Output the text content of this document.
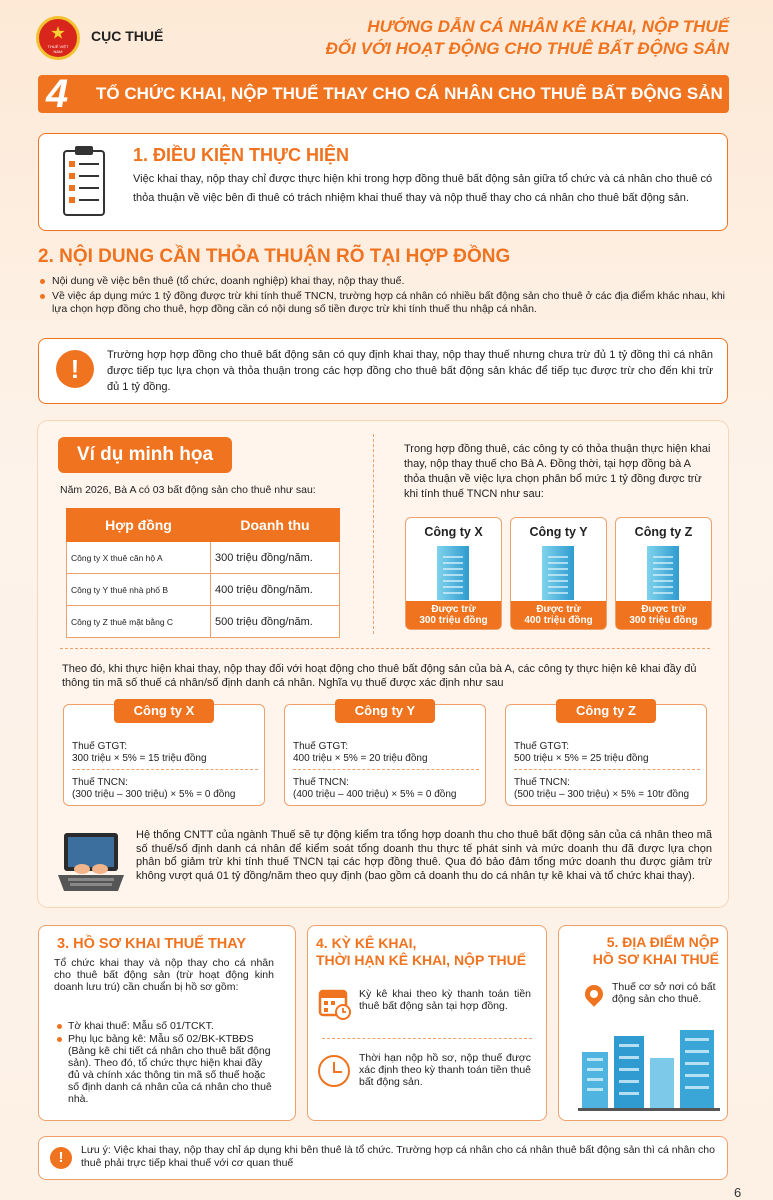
THUẾ VIỆT NAM
CỤC THUẾ	HƯỚNG DẪN CÁ NHÂN KÊ KHAI, NỘP THUẾ
ĐỐI VỚI HOẠT ĐỘNG CHO THUÊ BẤT ĐỘNG SẢN
4 TỔ CHỨC KHAI, NỘP THUẾ THAY CHO CÁ NHÂN CHO THUÊ BẤT ĐỘNG SẢN
1. ĐIỀU KIỆN THỰC HIỆN
Việc khai thay, nộp thay chỉ được thực hiện khi trong hợp đồng thuê bất động sản giữa tổ chức và cá nhân cho thuê có thỏa thuận về việc bên đi thuê có trách nhiệm khai thuế thay và nộp thuế thay cho cá nhân cho thuê bất động sản.
2. NỘI DUNG CẦN THỎA THUẬN RÕ TẠI HỢP ĐỒNG
Nội dung về việc bên thuê (tổ chức, doanh nghiệp) khai thay, nộp thay thuế.
Về việc áp dụng mức 1 tỷ đồng được trừ khi tính thuế TNCN, trường hợp cá nhân có nhiều bất động sản cho thuê ở các địa điểm khác nhau, khi lựa chọn hợp đồng cho thuê, hợp đồng cần có nội dung số tiền được trừ khi tính thuế thu nhập cá nhân.
!	Trường hợp hợp đồng cho thuê bất động sản có quy định khai thay, nộp thay thuế nhưng chưa trừ đủ 1 tỷ đồng thì cá nhân được tiếp tục lựa chọn và thỏa thuận trong các hợp đồng cho thuê bất động sản khác để tiếp tục được trừ cho đến khi trừ đủ 1 tỷ đồng.
Ví dụ minh họa
Năm 2026, Bà A có 03 bất động sản cho thuê như sau:
Trong hợp đồng thuê, các công ty có thỏa thuận thực hiện khai thay, nộp thay thuế cho Bà A. Đồng thời, tại hợp đồng bà A thỏa thuận về việc lựa chọn phân bổ mức 1 tỷ đồng được trừ khi tính thuế TNCN như sau:
Hợp đồng	Doanh thu
Công ty X thuê căn hộ A	300 triệu đồng/năm.
Công ty Y thuê nhà phố B	400 triệu đồng/năm.
Công ty Z thuê mặt bằng C	500 triệu đồng/năm.
Công ty X
Được trừ
300 triệu đồng
Công ty Y
Được trừ
400 triệu đồng
Công ty Z
Được trừ
300 triệu đồng
Theo đó, khi thực hiện khai thay, nộp thay đối với hoạt động cho thuê bất động sản của bà A, các công ty thực hiện kê khai đầy đủ thông tin mã số thuế cá nhân/số định danh cá nhân. Nghĩa vụ thuế được xác định như sau
Công ty X
Thuế GTGT:
300 triệu × 5% = 15 triệu đồng
Thuế TNCN:
(300 triệu – 300 triệu) × 5% = 0 đồng
Công ty Y
Thuế GTGT:
400 triệu × 5% = 20 triệu đồng
Thuế TNCN:
(400 triệu – 400 triệu) × 5% = 0 đồng
Công ty Z
Thuế GTGT:
500 triệu × 5% = 25 triệu đồng
Thuế TNCN:
(500 triệu – 300 triệu) × 5% = 10tr đồng
Hệ thống CNTT của ngành Thuế sẽ tự động kiểm tra tổng hợp doanh thu cho thuê bất động sản của cá nhân theo mã số thuế/số định danh cá nhân để kiểm soát tổng doanh thu thực tế phát sinh và mức doanh thu đã được lựa chọn phân bổ giảm trừ khi tính thuế TNCN tại các hợp đồng thuê. Qua đó bảo đảm tổng mức doanh thu được giảm trừ không vượt quá 01 tỷ đồng/năm theo quy định (bao gồm cả doanh thu do cá nhân tự kê khai và tổ chức khai thay).
3. HỒ SƠ KHAI THUẾ THAY
Tổ chức khai thay và nộp thay cho cá nhân cho thuê bất động sản (trừ hoạt động kinh doanh lưu trú) cần chuẩn bị hồ sơ gồm:
Tờ khai thuế: Mẫu số 01/TCKT.
Phụ lục bảng kê: Mẫu số 02/BK-KTBĐS (Bảng kê chi tiết cá nhân cho thuê bất động sản). Theo đó, tổ chức thực hiện khai đầy đủ và chính xác thông tin mã số thuế hoặc số định danh cá nhân của cá nhân cho thuê nhà.
4. KỲ KÊ KHAI,
THỜI HẠN KÊ KHAI, NỘP THUẾ
Kỳ kê khai theo kỳ thanh toán tiền thuê bất động sản tại hợp đồng.
Thời hạn nộp hồ sơ, nộp thuế được xác định theo kỳ thanh toán tiền thuê bất động sản.
5. ĐỊA ĐIỂM NỘP
HỒ SƠ KHAI THUẾ
Thuế cơ sở nơi có bất động sản cho thuê.
!	Lưu ý: Việc khai thay, nộp thay chỉ áp dụng khi bên thuê là tổ chức. Trường hợp cá nhân cho cá nhân thuê bất động sản thì cá nhân cho thuê phải trực tiếp khai thuế với cơ quan thuế
6
